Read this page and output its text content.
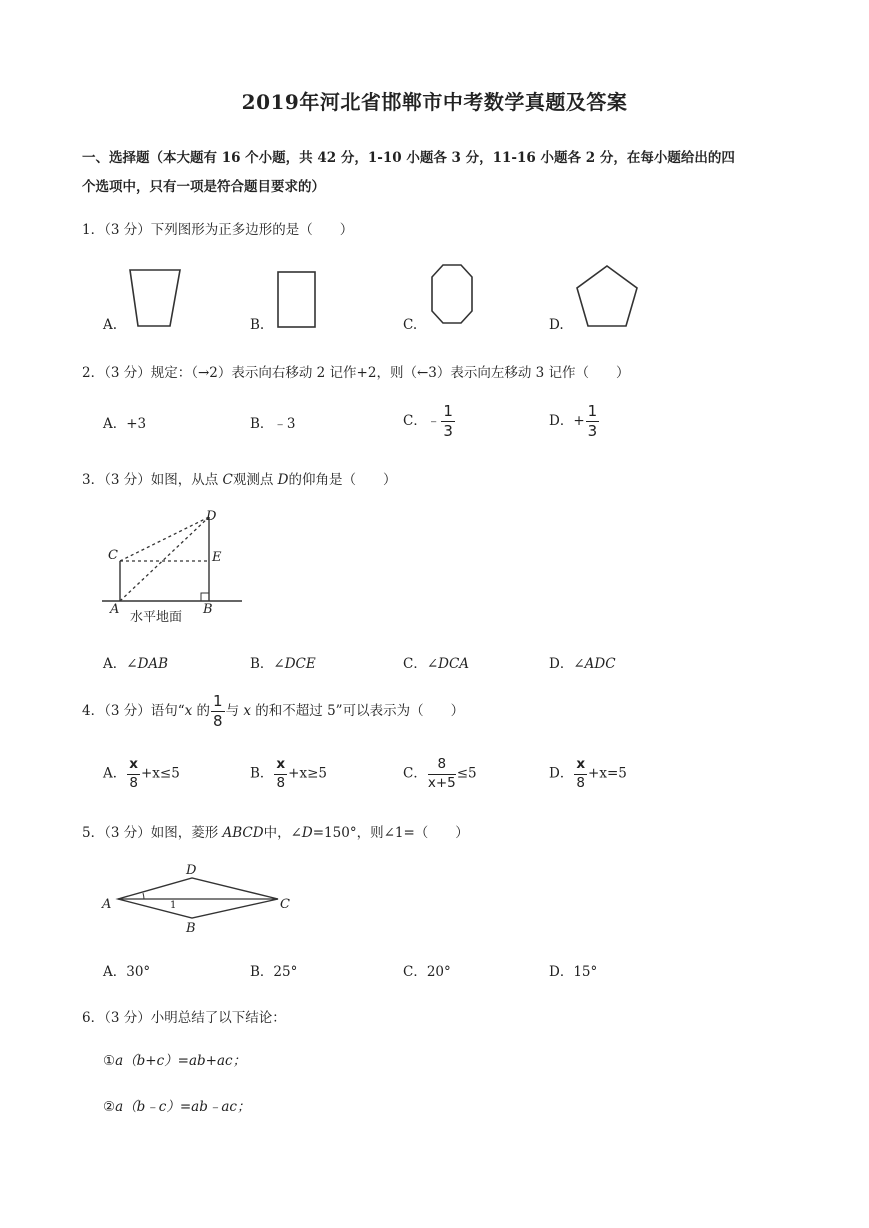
2019年河北省邯郸市中考数学真题及答案
一、选择题（本大题有 16 个小题，共 42 分，1-10 小题各 3 分，11-16 小题各 2 分，在每小题给出的四
个选项中，只有一项是符合题目要求的）
1．（3 分）下列图形为正多边形的是（　　）
A.	B.	C.	D.
2．（3 分）规定：（→2）表示向右移动 2 记作+2，则（←3）表示向左移动 3 记作（　　）
A．+3	B．﹣3	C．﹣ $\frac{1}{3}$	D．+ $\frac{1}{3}$
3．（3 分）如图，从点 C观测点 D的仰角是（　　）
D
C	E
A	B
水平地面
A．∠DAB	B．∠DCE	C．∠DCA	D．∠ADC
4．（3 分）语句“x 的 $\frac{1}{8}$ 与 x 的和不超过 5”可以表示为（　　）
A． $\frac{x}{8} +x\le 5$	B． $\frac{x}{8} +x\ge 5$	C． $\frac{8}{x+5} \le 5$	D． $\frac{x}{8} +x=5$
5．（3 分）如图，菱形 ABCD中，∠D=150°，则∠1=（　　）
D
A	C
B
1
A．30°	B．25°	C．20°	D．15°
6．（3 分）小明总结了以下结论：
①a（b+c）=ab+ac；
②a（b﹣c）=ab﹣ac；
